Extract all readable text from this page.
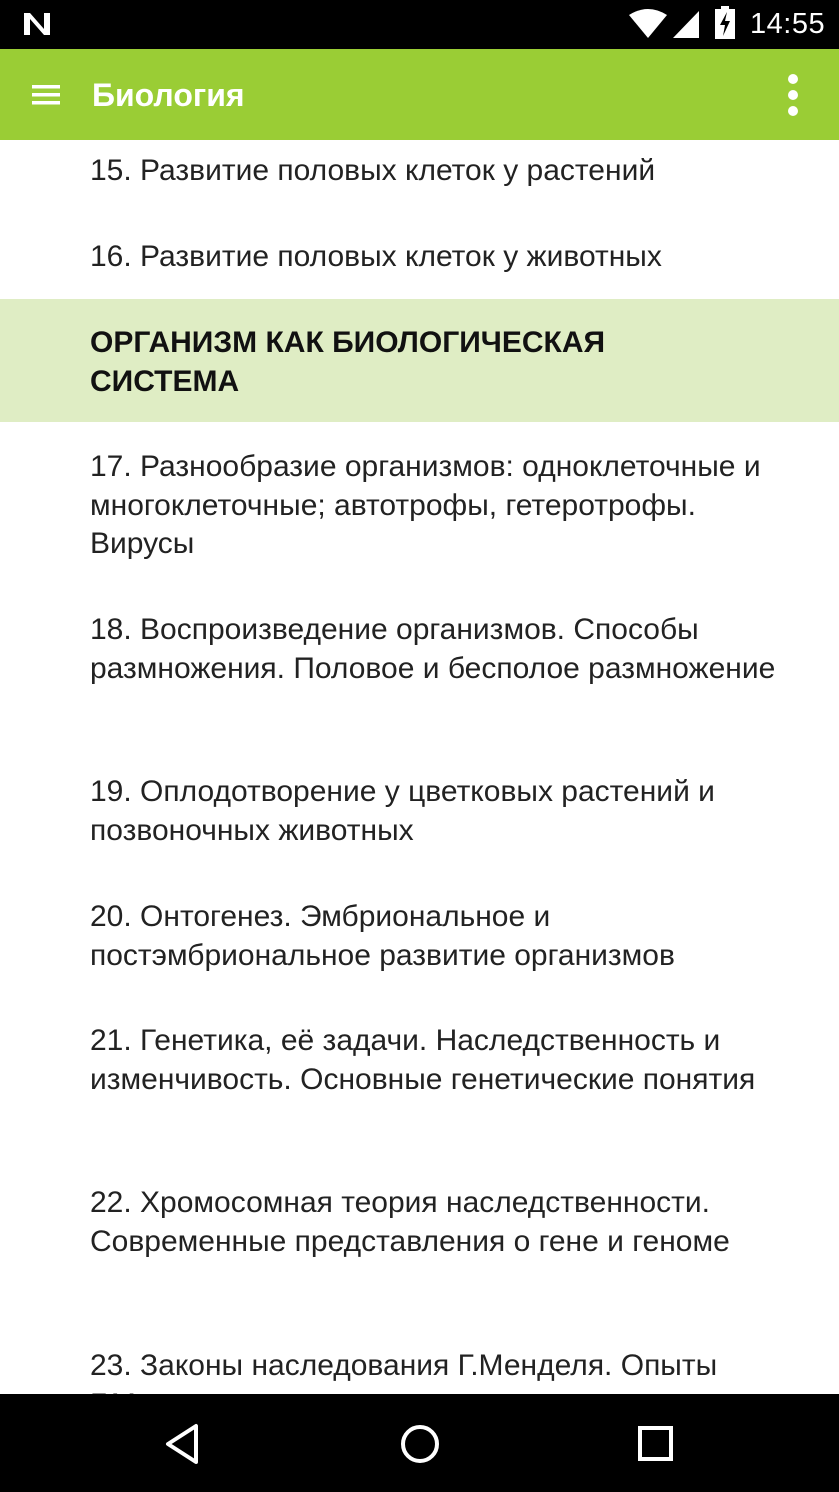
14:55
Биология
15. Развитие половых клеток у растений
16. Развитие половых клеток у животных
ОРГАНИЗМ КАК БИОЛОГИЧЕСКАЯ СИСТЕМА
17. Разнообразие организмов: одноклеточные и многоклеточные; автотрофы, гетеротрофы. Вирусы
18. Воспроизведение организмов. Способы размножения. Половое и бесполое размножение
19. Оплодотворение у цветковых растений и позвоночных животных
20. Онтогенез. Эмбриональное и постэмбриональное развитие организмов
21. Генетика, её задачи. Наследственность и изменчивость. Основные генетические понятия
22. Хромосомная теория наследственности. Современные представления о гене и геноме
23. Законы наследования Г.Менделя. Опыты
